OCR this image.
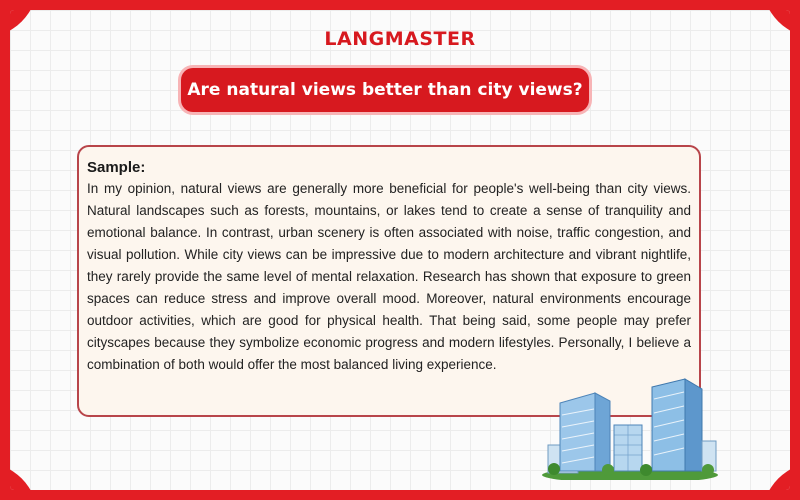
LANGMASTER
Are natural views better than city views?
Sample:
In my opinion, natural views are generally more beneficial for people's well-being than city views. Natural landscapes such as forests, mountains, or lakes tend to create a sense of tranquility and emotional balance. In contrast, urban scenery is often associated with noise, traffic congestion, and visual pollution. While city views can be impressive due to modern architecture and vibrant nightlife, they rarely provide the same level of mental relaxation. Research has shown that exposure to green spaces can reduce stress and improve overall mood. Moreover, natural environments encourage outdoor activities, which are good for physical health. That being said, some people may prefer cityscapes because they symbolize economic progress and modern lifestyles. Personally, I believe a combination of both would offer the most balanced living experience.
